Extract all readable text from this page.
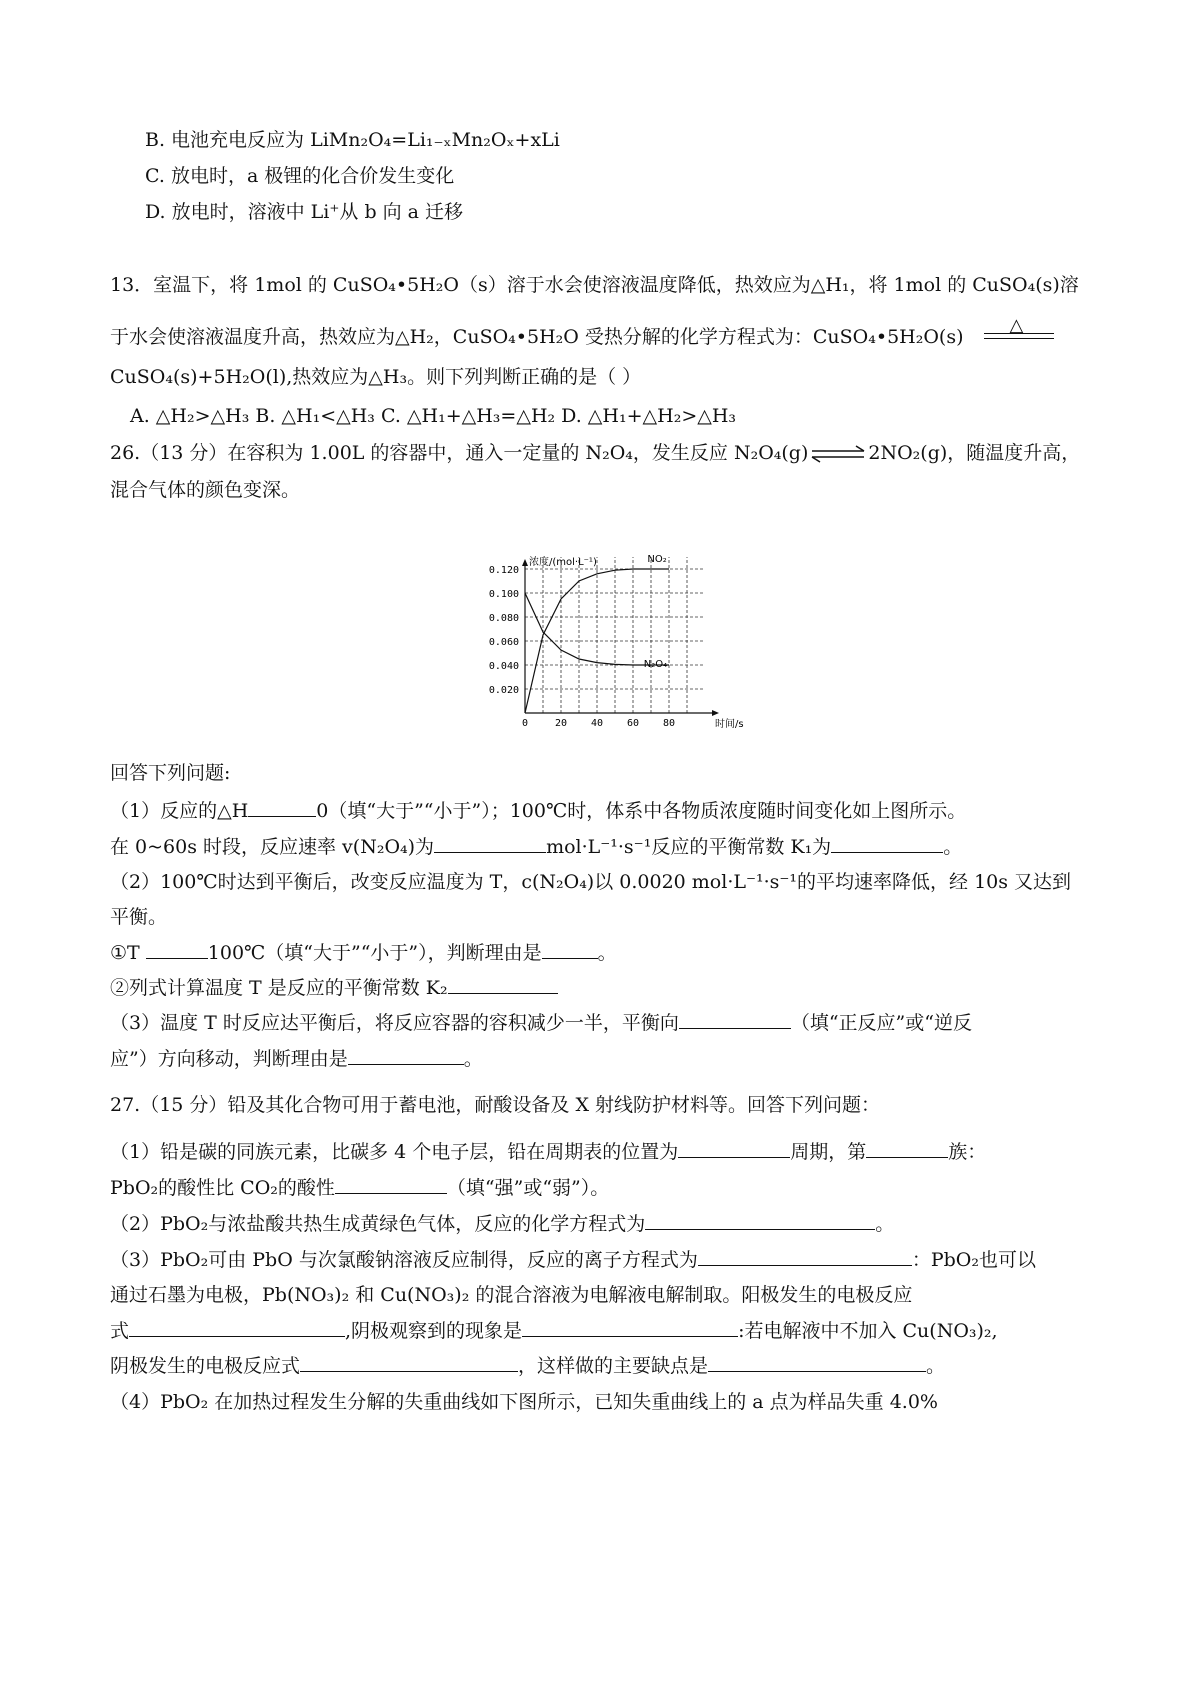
B. 电池充电反应为 LiMn₂O₄=Li₁₋ₓMn₂Oₓ+xLi
C. 放电时，a 极锂的化合价发生变化
D. 放电时，溶液中 Li⁺从 b 向 a 迁移
13．室温下，将 1mol 的 CuSO₄•5H₂O（s）溶于水会使溶液温度降低，热效应为△H₁，将 1mol 的 CuSO₄(s)溶
于水会使溶液温度升高，热效应为△H₂，CuSO₄•5H₂O 受热分解的化学方程式为：CuSO₄•5H₂O(s)
△
CuSO₄(s)+5H₂O(l),热效应为△H₃。则下列判断正确的是（ ）
A. △H₂>△H₃ B. △H₁<△H₃ C. △H₁+△H₃=△H₂ D. △H₁+△H₂>△H₃
26.（13 分）在容积为 1.00L 的容器中，通入一定量的 N₂O₄，发生反应 N₂O₄(g)⇌2NO₂(g)，随温度升高，
混合气体的颜色变深。
0.020
0.040
0.060
0.080
0.100
0.120
0	20 40 60 80
浓度/(mol·L⁻¹)
时间/s
NO₂
N₂O₄
回答下列问题:
（1）反应的△H	0（填“大于”“小于”）；100℃时，体系中各物质浓度随时间变化如上图所示。
在 0~60s 时段，反应速率 v(N₂O₄)为	mol·L⁻¹·s⁻¹反应的平衡常数 K₁为	。
（2）100℃时达到平衡后，改变反应温度为 T，c(N₂O₄)以 0.0020 mol·L⁻¹·s⁻¹的平均速率降低，经 10s 又达到
平衡。
①T	100℃（填“大于”“小于”），判断理由是	。
②列式计算温度 T 是反应的平衡常数 K₂
（3）温度 T 时反应达平衡后，将反应容器的容积减少一半，平衡向	（填“正反应”或“逆反
应”）方向移动，判断理由是	。
27.（15 分）铅及其化合物可用于蓄电池，耐酸设备及 X 射线防护材料等。回答下列问题：
（1）铅是碳的同族元素，比碳多 4 个电子层，铅在周期表的位置为	周期，第	族：
PbO₂的酸性比 CO₂的酸性	（填“强”或“弱”）。
（2）PbO₂与浓盐酸共热生成黄绿色气体，反应的化学方程式为	。
（3）PbO₂可由 PbO 与次氯酸钠溶液反应制得，反应的离子方程式为	：PbO₂也可以
通过石墨为电极，Pb(NO₃)₂ 和 Cu(NO₃)₂ 的混合溶液为电解液电解制取。阳极发生的电极反应
式	,阴极观察到的现象是	:若电解液中不加入 Cu(NO₃)₂,
阴极发生的电极反应式	，这样做的主要缺点是	。
（4）PbO₂ 在加热过程发生分解的失重曲线如下图所示，已知失重曲线上的 a 点为样品失重 4.0%
